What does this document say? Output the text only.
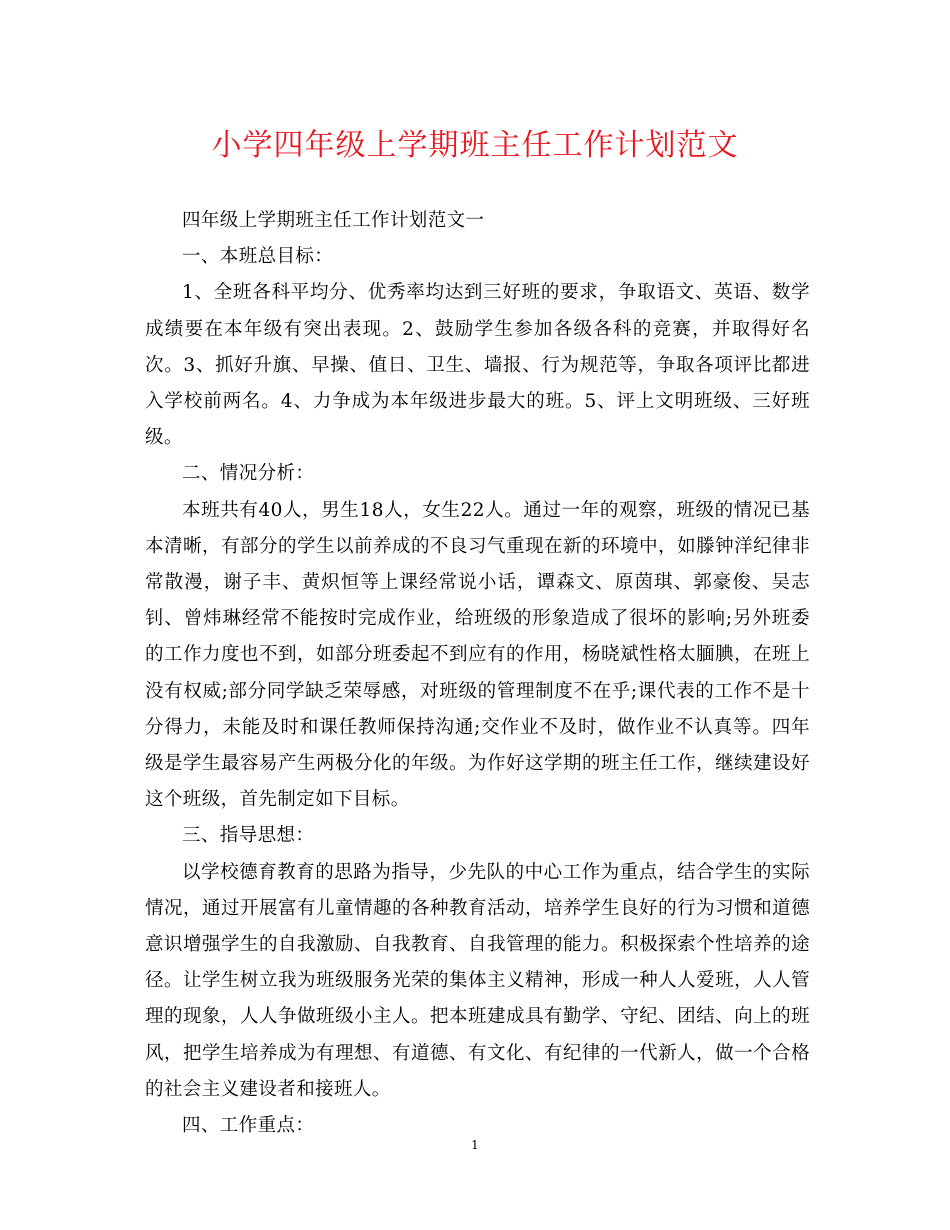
小学四年级上学期班主任工作计划范文

四年级上学期班主任工作计划范文一

一、本班总目标：

1、全班各科平均分、优秀率均达到三好班的要求，争取语文、英语、数学成绩要在本年级有突出表现。2、鼓励学生参加各级各科的竞赛，并取得好名次。3、抓好升旗、早操、值日、卫生、墙报、行为规范等，争取各项评比都进入学校前两名。4、力争成为本年级进步最大的班。5、评上文明班级、三好班级。

二、情况分析：

本班共有40人，男生18人，女生22人。通过一年的观察，班级的情况已基本清晰，有部分的学生以前养成的不良习气重现在新的环境中，如滕钟洋纪律非常散漫，谢子丰、黄炽恒等上课经常说小话，谭森文、原茵琪、郭豪俊、吴志钊、曾炜琳经常不能按时完成作业，给班级的形象造成了很坏的影响;另外班委的工作力度也不到，如部分班委起不到应有的作用，杨晓斌性格太腼腆，在班上没有权威;部分同学缺乏荣辱感，对班级的管理制度不在乎;课代表的工作不是十分得力，未能及时和课任教师保持沟通;交作业不及时，做作业不认真等。四年级是学生最容易产生两极分化的年级。为作好这学期的班主任工作，继续建设好这个班级，首先制定如下目标。

三、指导思想：

以学校德育教育的思路为指导，少先队的中心工作为重点，结合学生的实际情况，通过开展富有儿童情趣的各种教育活动，培养学生良好的行为习惯和道德意识增强学生的自我激励、自我教育、自我管理的能力。积极探索个性培养的途径。让学生树立我为班级服务光荣的集体主义精神，形成一种人人爱班，人人管理的现象，人人争做班级小主人。把本班建成具有勤学、守纪、团结、向上的班风，把学生培养成为有理想、有道德、有文化、有纪律的一代新人，做一个合格的社会主义建设者和接班人。

四、工作重点：

1
